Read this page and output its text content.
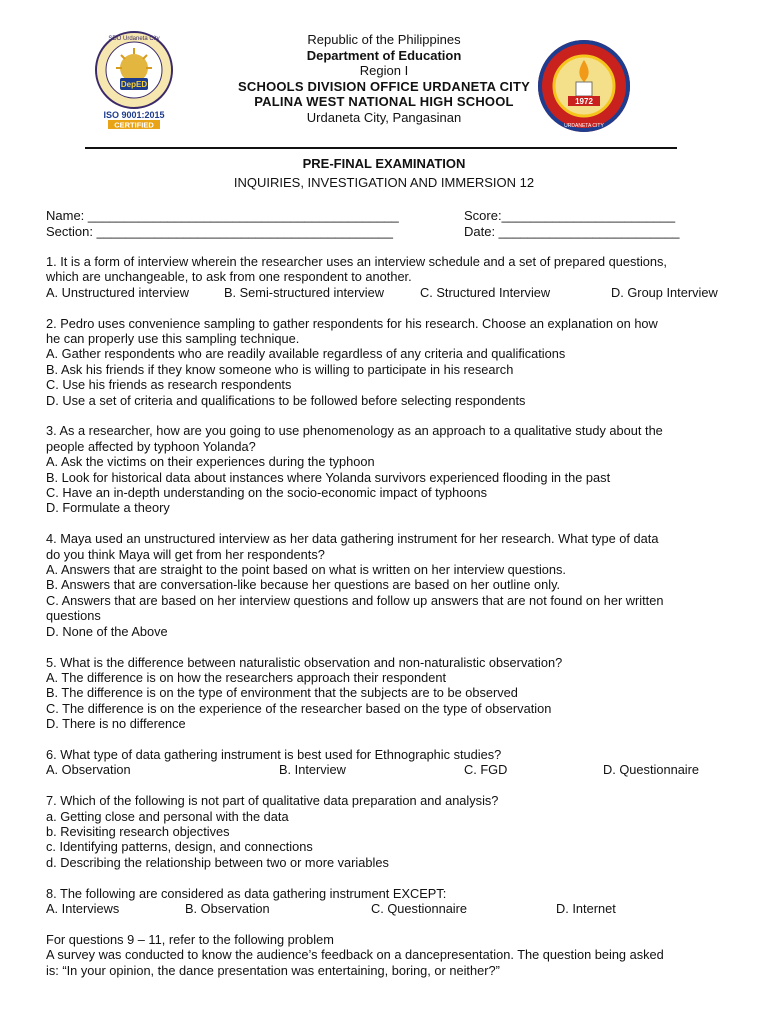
DepED
SDO Urdaneta City
ISO 9001:2015
CERTIFIED
1972
URDANETA CITY
Republic of the Philippines
Department of Education
Region I
SCHOOLS DIVISION OFFICE URDANETA CITY
PALINA WEST NATIONAL HIGH SCHOOL
Urdaneta City, Pangasinan
PRE-FINAL EXAMINATION
INQUIRIES, INVESTIGATION AND IMMERSION 12
Name: ___________________________________________	Score:________________________
Section: _________________________________________	Date: _________________________
1. It is a form of interview wherein the researcher uses an interview schedule and a set of prepared questions,
which are unchangeable, to ask from one respondent to another.
A. Unstructured interview	B. Semi-structured interview	C. Structured Interview	D. Group Interview
2. Pedro uses convenience sampling to gather respondents for his research. Choose an explanation on how
he can properly use this sampling technique.
A. Gather respondents who are readily available regardless of any criteria and qualifications
B. Ask his friends if they know someone who is willing to participate in his research
C. Use his friends as research respondents
D. Use a set of criteria and qualifications to be followed before selecting respondents
3. As a researcher, how are you going to use phenomenology as an approach to a qualitative study about the
people affected by typhoon Yolanda?
A. Ask the victims on their experiences during the typhoon
B. Look for historical data about instances where Yolanda survivors experienced flooding in the past
C. Have an in-depth understanding on the socio-economic impact of typhoons
D. Formulate a theory
4. Maya used an unstructured interview as her data gathering instrument for her research. What type of data
do you think Maya will get from her respondents?
A. Answers that are straight to the point based on what is written on her interview questions.
B. Answers that are conversation-like because her questions are based on her outline only.
C. Answers that are based on her interview questions and follow up answers that are not found on her written
questions
D. None of the Above
5. What is the difference between naturalistic observation and non-naturalistic observation?
A. The difference is on how the researchers approach their respondent
B. The difference is on the type of environment that the subjects are to be observed
C. The difference is on the experience of the researcher based on the type of observation
D. There is no difference
6. What type of data gathering instrument is best used for Ethnographic studies?
A. Observation	B. Interview	C. FGD	D. Questionnaire
7. Which of the following is not part of qualitative data preparation and analysis?
a. Getting close and personal with the data
b. Revisiting research objectives
c. Identifying patterns, design, and connections
d. Describing the relationship between two or more variables
8. The following are considered as data gathering instrument EXCEPT:
A. Interviews	B. Observation	C. Questionnaire	D. Internet
For questions 9 – 11, refer to the following problem
A survey was conducted to know the audience’s feedback on a dancepresentation. The question being asked
is: “In your opinion, the dance presentation was entertaining, boring, or neither?”
